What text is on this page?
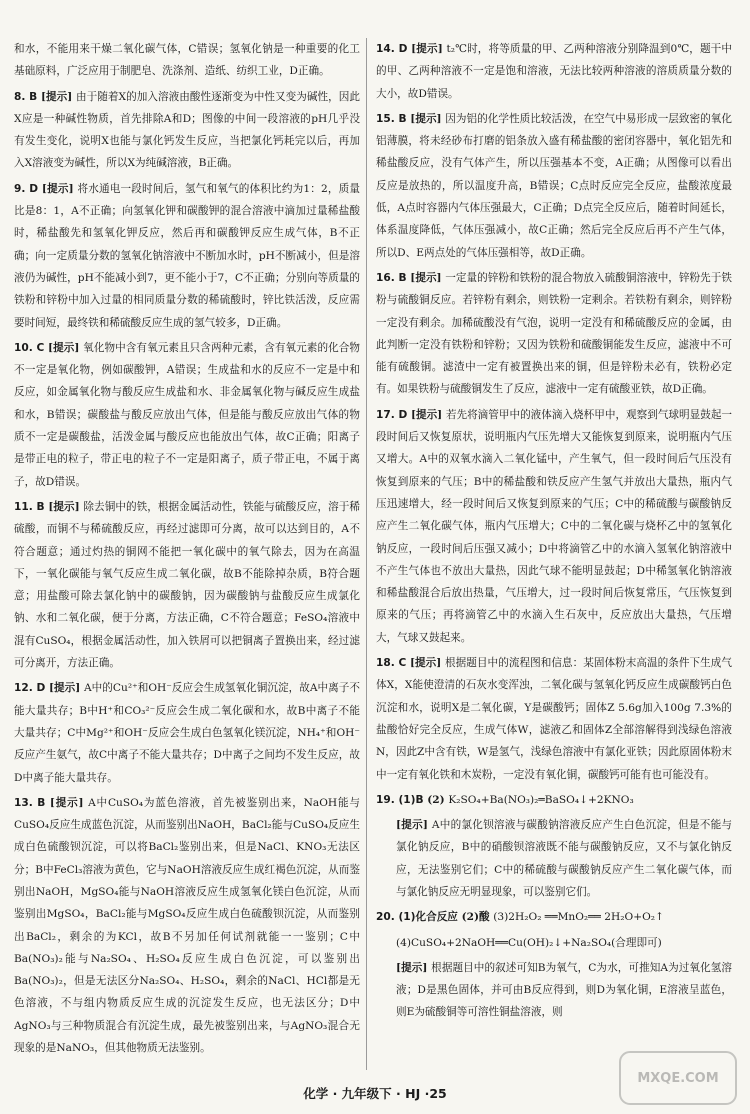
和水，不能用来干燥二氧化碳气体，C错误；氢氧化钠是一种重要的化工基础原料，广泛应用于制肥皂、洗涤剂、造纸、纺织工业，D正确。
8. B [提示] 由于随着X的加入溶液由酸性逐渐变为中性又变为碱性，因此X应是一种碱性物质，首先排除A和D；图像的中间一段溶液的pH几乎没有发生变化，说明X也能与氯化钙发生反应，当把氯化钙耗完以后，再加入X溶液变为碱性，所以X为纯碱溶液，B正确。
9. D [提示] 将水通电一段时间后，氢气和氧气的体积比约为1：2，质量比是8：1，A不正确；向氢氧化钾和碳酸钾的混合溶液中滴加过量稀盐酸时，稀盐酸先和氢氧化钾反应，然后再和碳酸钾反应生成气体，B不正确；向一定质量分数的氢氧化钠溶液中不断加水时，pH不断减小，但是溶液仍为碱性，pH不能减小到7，更不能小于7，C不正确；分别向等质量的铁粉和锌粉中加入过量的相同质量分数的稀硫酸时，锌比铁活泼，反应需要时间短，最终铁和稀硫酸反应生成的氢气较多，D正确。
10. C [提示] 氧化物中含有氧元素且只含两种元素，含有氧元素的化合物不一定是氧化物，例如碳酸钾，A错误；生成盐和水的反应不一定是中和反应，如金属氧化物与酸反应生成盐和水、非金属氧化物与碱反应生成盐和水，B错误；碳酸盐与酸反应放出气体，但是能与酸反应放出气体的物质不一定是碳酸盐，活泼金属与酸反应也能放出气体，故C正确；阳离子是带正电的粒子，带正电的粒子不一定是阳离子，质子带正电，不属于离子，故D错误。
11. B [提示] 除去铜中的铁，根据金属活动性，铁能与硫酸反应，溶于稀硫酸，而铜不与稀硫酸反应，再经过滤即可分离，故可以达到目的，A不符合题意；通过灼热的铜网不能把一氧化碳中的氧气除去，因为在高温下，一氧化碳能与氧气反应生成二氧化碳，故B不能除掉杂质，B符合题意；用盐酸可除去氯化钠中的碳酸钠，因为碳酸钠与盐酸反应生成氯化钠、水和二氧化碳，便于分离，方法正确，C不符合题意；FeSO₄溶液中混有CuSO₄，根据金属活动性，加入铁屑可以把铜离子置换出来，经过滤可分离开，方法正确。
12. D [提示] A中的Cu²⁺和OH⁻反应会生成氢氧化铜沉淀，故A中离子不能大量共存；B中H⁺和CO₃²⁻反应会生成二氧化碳和水，故B中离子不能大量共存；C中Mg²⁺和OH⁻反应会生成白色氢氧化镁沉淀，NH₄⁺和OH⁻反应产生氨气，故C中离子不能大量共存；D中离子之间均不发生反应，故D中离子能大量共存。
13. B [提示] A中CuSO₄为蓝色溶液，首先被鉴别出来，NaOH能与CuSO₄反应生成蓝色沉淀，从而鉴别出NaOH，BaCl₂能与CuSO₄反应生成白色硫酸钡沉淀，可以将BaCl₂鉴别出来，但是NaCl、KNO₃无法区分；B中FeCl₃溶液为黄色，它与NaOH溶液反应生成红褐色沉淀，从而鉴别出NaOH，MgSO₄能与NaOH溶液反应生成氢氧化镁白色沉淀，从而鉴别出MgSO₄，BaCl₂能与MgSO₄反应生成白色硫酸钡沉淀，从而鉴别出BaCl₂，剩余的为KCl，故B不另加任何试剂就能一一鉴别；C中Ba(NO₃)₂能与Na₂SO₄、H₂SO₄反应生成白色沉淀，可以鉴别出Ba(NO₃)₂，但是无法区分Na₂SO₄、H₂SO₄，剩余的NaCl、HCl都是无色溶液，不与组内物质反应生成的沉淀发生反应，也无法区分；D中AgNO₃与三种物质混合有沉淀生成，最先被鉴别出来，与AgNO₃混合无现象的是NaNO₃，但其他物质无法鉴别。
14. D [提示] t₂℃时，将等质量的甲、乙两种溶液分别降温到0℃，题干中的甲、乙两种溶液不一定是饱和溶液，无法比较两种溶液的溶质质量分数的大小，故D错误。
15. B [提示] 因为铝的化学性质比较活泼，在空气中易形成一层致密的氧化铝薄膜，将未经砂布打磨的铝条放入盛有稀盐酸的密闭容器中，氧化铝先和稀盐酸反应，没有气体产生，所以压强基本不变，A正确；从图像可以看出反应是放热的，所以温度升高，B错误；C点时反应完全反应，盐酸浓度最低，A点时容器内气体压强最大，C正确；D点完全反应后，随着时间延长，体系温度降低，气体压强减小，故C正确；然后完全反应后再不产生气体，所以D、E两点处的气体压强相等，故D正确。
16. B [提示] 一定量的锌粉和铁粉的混合物放入硫酸铜溶液中，锌粉先于铁粉与硫酸铜反应。若锌粉有剩余，则铁粉一定剩余。若铁粉有剩余，则锌粉一定没有剩余。加稀硫酸没有气泡，说明一定没有和稀硫酸反应的金属，由此判断一定没有铁粉和锌粉；又因为铁粉和硫酸铜能发生反应，滤液中不可能有硫酸铜。滤渣中一定有被置换出来的铜，但是锌粉未必有，铁粉必定有。如果铁粉与硫酸铜发生了反应，滤液中一定有硫酸亚铁，故D正确。
17. D [提示] 若先将滴管甲中的液体滴入烧杯甲中，观察到气球明显鼓起一段时间后又恢复原状，说明瓶内气压先增大又能恢复到原来，说明瓶内气压又增大。A中的双氧水滴入二氧化锰中，产生氧气，但一段时间后气压没有恢复到原来的气压；B中的稀盐酸和铁反应产生氢气并放出大量热，瓶内气压迅速增大，经一段时间后又恢复到原来的气压；C中的稀硫酸与碳酸钠反应产生二氧化碳气体，瓶内气压增大；C中的二氧化碳与烧杯乙中的氢氧化钠反应，一段时间后压强又减小；D中将滴管乙中的水滴入氢氧化钠溶液中不产生气体也不放出大量热，因此气球不能明显鼓起；D中稀氢氧化钠溶液和稀盐酸混合后放出热量，气压增大，过一段时间后恢复常压，气压恢复到原来的气压；再将滴管乙中的水滴入生石灰中，反应放出大量热，气压增大，气球又鼓起来。
18. C [提示] 根据题目中的流程图和信息：某固体粉末高温的条件下生成气体X，X能使澄清的石灰水变浑浊，二氧化碳与氢氧化钙反应生成碳酸钙白色沉淀和水，说明X是二氧化碳，Y是碳酸钙；固体Z 5.6g加入100g 7.3%的盐酸恰好完全反应，生成气体W，滤液乙和固体Z全部溶解得到浅绿色溶液N，因此Z中含有铁，W是氢气，浅绿色溶液中有氯化亚铁；因此原固体粉末中一定有氧化铁和木炭粉，一定没有氧化铜，碳酸钙可能有也可能没有。
19. (1)B (2) K₂SO₄+Ba(NO₃)₂═BaSO₄↓+2KNO₃
[提示] A中的氯化钡溶液与碳酸钠溶液反应产生白色沉淀，但是不能与氯化钠反应，B中的硝酸钡溶液既不能与碳酸钠反应，又不与氯化钠反应，无法鉴别它们；C中的稀硫酸与碳酸钠反应产生二氧化碳气体，而与氯化钠反应无明显现象，可以鉴别它们。
20. (1)化合反应 (2)酸 (3)2H₂O₂ ══MnO₂══ 2H₂O+O₂↑
(4)CuSO₄+2NaOH══Cu(OH)₂↓+Na₂SO₄(合理即可)
[提示] 根据题目中的叙述可知B为氧气，C为水，可推知A为过氧化氢溶液；D是黑色固体，并可由B反应得到，则D为氧化铜，E溶液呈蓝色，则E为硫酸铜等可溶性铜盐溶液，则
化学 · 九年级下 · HJ ·25
MXQE.COM
